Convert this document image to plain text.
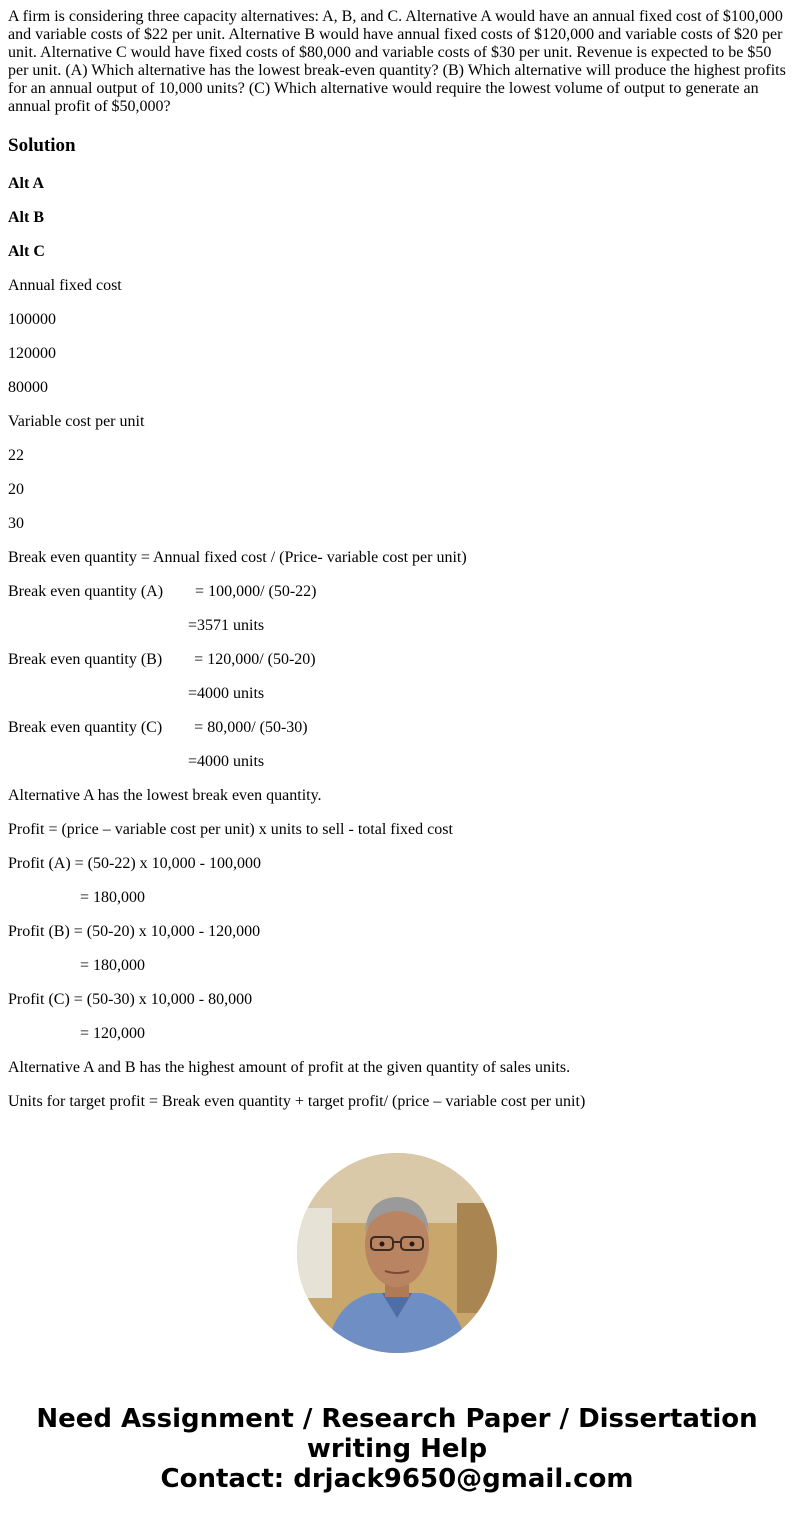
A firm is considering three capacity alternatives: A, B, and C. Alternative A would have an annual fixed cost of $100,000 and variable costs of $22 per unit. Alternative B would have annual fixed costs of $120,000 and variable costs of $20 per unit. Alternative C would have fixed costs of $80,000 and variable costs of $30 per unit. Revenue is expected to be $50 per unit. (A) Which alternative has the lowest break-even quantity? (B) Which alternative will produce the highest profits for an annual output of 10,000 units? (C) Which alternative would require the lowest volume of output to generate an annual profit of $50,000?

Solution
Alt A
Alt B
Alt C
Annual fixed cost
100000
120000
80000
Variable cost per unit
22
20
30
Break even quantity = Annual fixed cost / (Price- variable cost per unit)
Break even quantity (A)        = 100,000/ (50-22)
=3571 units
Break even quantity (B)        = 120,000/ (50-20)
=4000 units
Break even quantity (C)        = 80,000/ (50-30)
=4000 units
Alternative A has the lowest break even quantity.
Profit = (price – variable cost per unit) x units to sell - total fixed cost
Profit (A) = (50-22) x 10,000 - 100,000
= 180,000
Profit (B) = (50-20) x 10,000 - 120,000
= 180,000
Profit (C) = (50-30) x 10,000 - 80,000
= 120,000
Alternative A and B has the highest amount of profit at the given quantity of sales units.
Units for target profit = Break even quantity + target profit/ (price – variable cost per unit)
Need Assignment / Research Paper / Dissertation
writing Help
Contact: drjack9650@gmail.com
